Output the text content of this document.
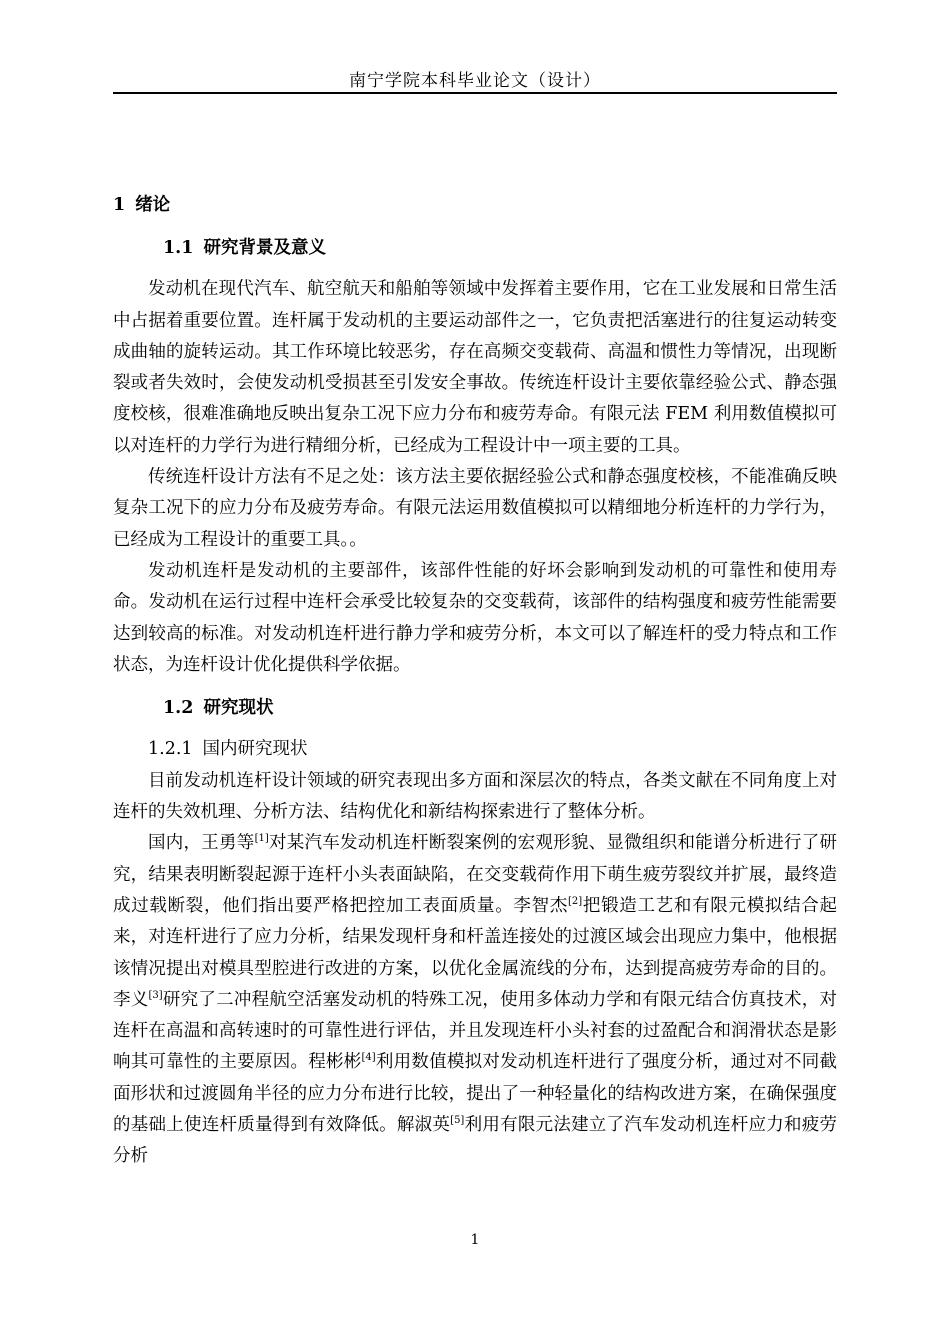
南宁学院本科毕业论文（设计）

1 绪论

1.1 研究背景及意义

发动机在现代汽车、航空航天和船舶等领域中发挥着主要作用，它在工业发展和日常生活中占据着重要位置。连杆属于发动机的主要运动部件之一，它负责把活塞进行的往复运动转变成曲轴的旋转运动。其工作环境比较恶劣，存在高频交变载荷、高温和惯性力等情况，出现断裂或者失效时，会使发动机受损甚至引发安全事故。传统连杆设计主要依靠经验公式、静态强度校核，很难准确地反映出复杂工况下应力分布和疲劳寿命。有限元法 FEM 利用数值模拟可以对连杆的力学行为进行精细分析，已经成为工程设计中一项主要的工具。

传统连杆设计方法有不足之处：该方法主要依据经验公式和静态强度校核，不能准确反映复杂工况下的应力分布及疲劳寿命。有限元法运用数值模拟可以精细地分析连杆的力学行为，已经成为工程设计的重要工具。。

发动机连杆是发动机的主要部件，该部件性能的好坏会影响到发动机的可靠性和使用寿命。发动机在运行过程中连杆会承受比较复杂的交变载荷，该部件的结构强度和疲劳性能需要达到较高的标准。对发动机连杆进行静力学和疲劳分析，本文可以了解连杆的受力特点和工作状态，为连杆设计优化提供科学依据。

1.2 研究现状

1.2.1 国内研究现状

目前发动机连杆设计领域的研究表现出多方面和深层次的特点，各类文献在不同角度上对连杆的失效机理、分析方法、结构优化和新结构探索进行了整体分析。

国内，王勇等[1]对某汽车发动机连杆断裂案例的宏观形貌、显微组织和能谱分析进行了研究，结果表明断裂起源于连杆小头表面缺陷，在交变载荷作用下萌生疲劳裂纹并扩展，最终造成过载断裂，他们指出要严格把控加工表面质量。李智杰[2]把锻造工艺和有限元模拟结合起来，对连杆进行了应力分析，结果发现杆身和杆盖连接处的过渡区域会出现应力集中，他根据该情况提出对模具型腔进行改进的方案，以优化金属流线的分布，达到提高疲劳寿命的目的。李义[3]研究了二冲程航空活塞发动机的特殊工况，使用多体动力学和有限元结合仿真技术，对连杆在高温和高转速时的可靠性进行评估，并且发现连杆小头衬套的过盈配合和润滑状态是影响其可靠性的主要原因。程彬彬[4]利用数值模拟对发动机连杆进行了强度分析，通过对不同截面形状和过渡圆角半径的应力分布进行比较，提出了一种轻量化的结构改进方案，在确保强度的基础上使连杆质量得到有效降低。解淑英[5]利用有限元法建立了汽车发动机连杆应力和疲劳分析

1
